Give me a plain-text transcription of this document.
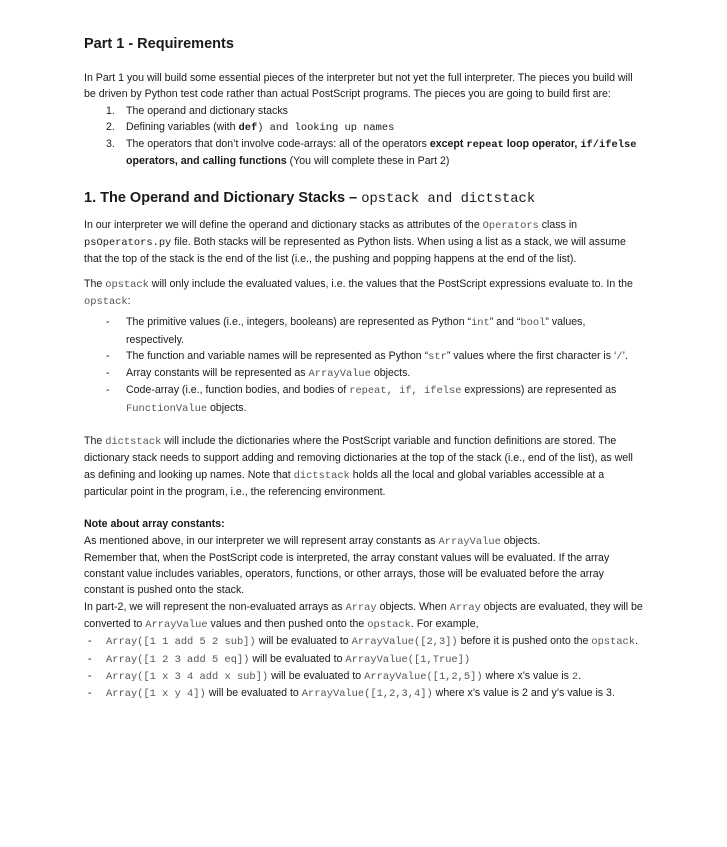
Part 1 - Requirements

In Part 1 you will build some essential pieces of the interpreter but not yet the full interpreter. The pieces you build will be driven by Python test code rather than actual PostScript programs. The pieces you are going to build first are:

1. The operand and dictionary stacks
2. Defining variables (with def) and looking up names
3. The operators that don’t involve code-arrays: all of the operators except repeat loop operator, if/ifelse operators, and calling functions (You will complete these in Part 2)
1. The Operand and Dictionary Stacks – opstack and dictstack

In our interpreter we will define the operand and dictionary stacks as attributes of the Operators class in psOperators.py file. Both stacks will be represented as Python lists. When using a list as a stack, we will assume that the top of the stack is the end of the list (i.e., the pushing and popping happens at the end of the list).

The opstack will only include the evaluated values, i.e. the values that the PostScript expressions evaluate to. In the opstack:

- The primitive values (i.e., integers, booleans) are represented as Python “int” and “bool” values, respectively.
- The function and variable names will be represented as Python “str” values where the first character is ‘/’.
- Array constants will be represented as ArrayValue objects.
- Code-array (i.e., function bodies, and bodies of repeat, if, ifelse expressions) are represented as FunctionValue objects.

The dictstack will include the dictionaries where the PostScript variable and function definitions are stored. The dictionary stack needs to support adding and removing dictionaries at the top of the stack (i.e., end of the list), as well as defining and looking up names. Note that dictstack holds all the local and global variables accessible at a particular point in the program, i.e., the referencing environment.

Note about array constants:

As mentioned above, in our interpreter we will represent array constants as ArrayValue objects.

Remember that, when the PostScript code is interpreted, the array constant values will be evaluated. If the array constant value includes variables, operators, functions, or other arrays, those will be evaluated before the array constant is pushed onto the stack.

In part-2, we will represent the non-evaluated arrays as Array objects. When Array objects are evaluated, they will be converted to ArrayValue values and then pushed onto the opstack. For example,

- Array([1 1 add 5 2 sub]) will be evaluated to ArrayValue([2,3]) before it is pushed onto the opstack.
- Array([1 2 3 add 5 eq]) will be evaluated to ArrayValue([1,True])
- Array([1 x 3 4 add x sub]) will be evaluated to ArrayValue([1,2,5]) where x’s value is 2.
- Array([1 x y 4]) will be evaluated to ArrayValue([1,2,3,4]) where x’s value is 2 and y’s value is 3.
